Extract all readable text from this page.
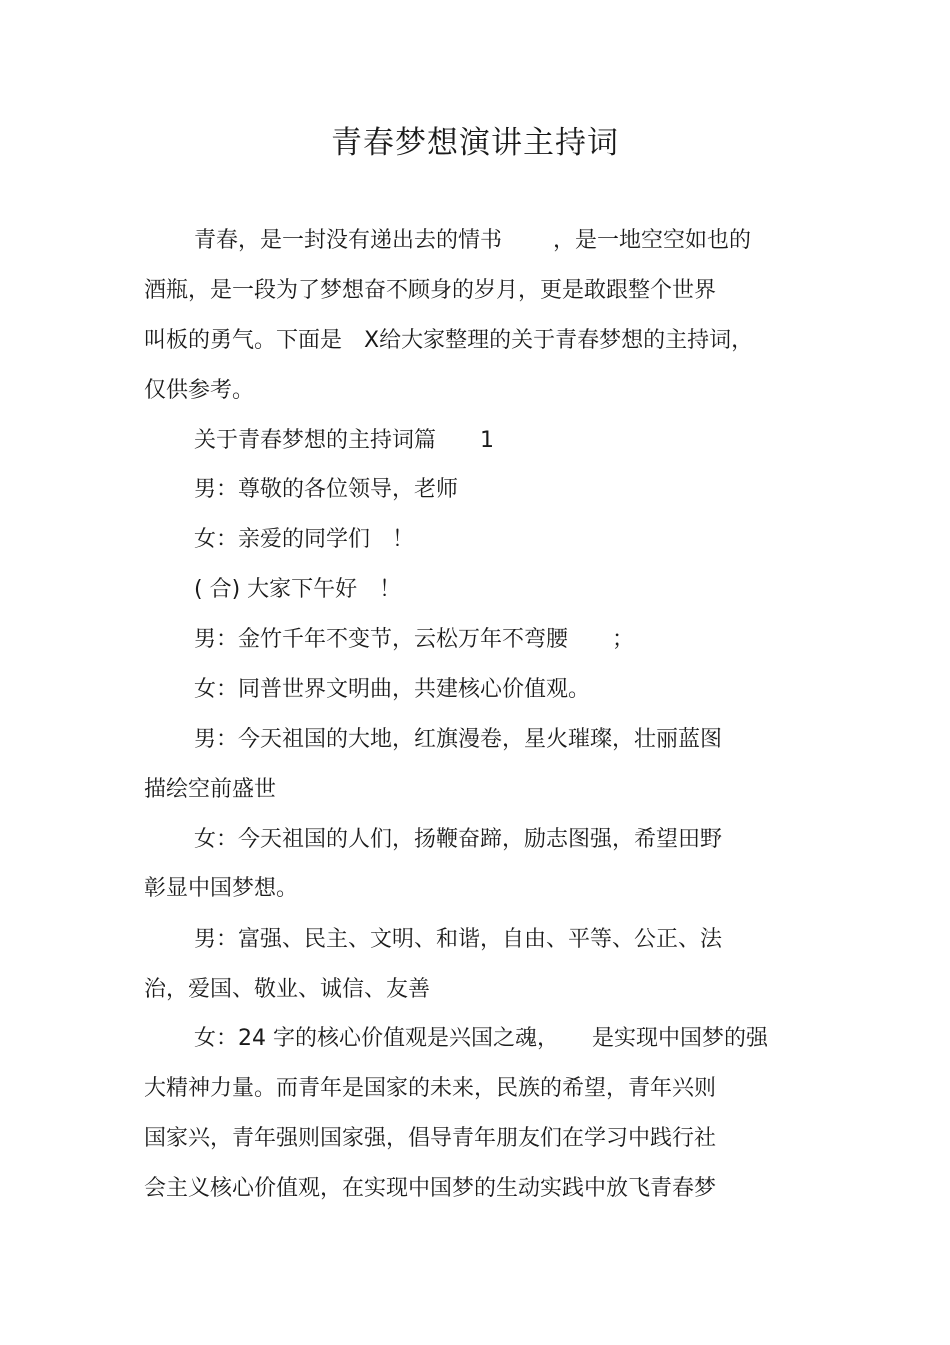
青春梦想演讲主持词

青春，是一封没有递出去的情书　　 ，是一地空空如也的

酒瓶，是一段为了梦想奋不顾身的岁月，更是敢跟整个世界

叫板的勇气。下面是　X给大家整理的关于青春梦想的主持词，

仅供参考。

关于青春梦想的主持词篇　　1

男：尊敬的各位领导，老师

女：亲爱的同学们　！

( 合) 大家下午好　！

男：金竹千年不变节，云松万年不弯腰　　；

女：同普世界文明曲，共建核心价值观。

男：今天祖国的大地，红旗漫卷，星火璀璨，壮丽蓝图

描绘空前盛世

女：今天祖国的人们，扬鞭奋蹄，励志图强，希望田野

彰显中国梦想。

男：富强、民主、文明、和谐，自由、平等、公正、法

治，爱国、敬业、诚信、友善

女：24 字的核心价值观是兴国之魂，　　是实现中国梦的强

大精神力量。而青年是国家的未来，民族的希望，青年兴则

国家兴，青年强则国家强，倡导青年朋友们在学习中践行社

会主义核心价值观，在实现中国梦的生动实践中放飞青春梦
